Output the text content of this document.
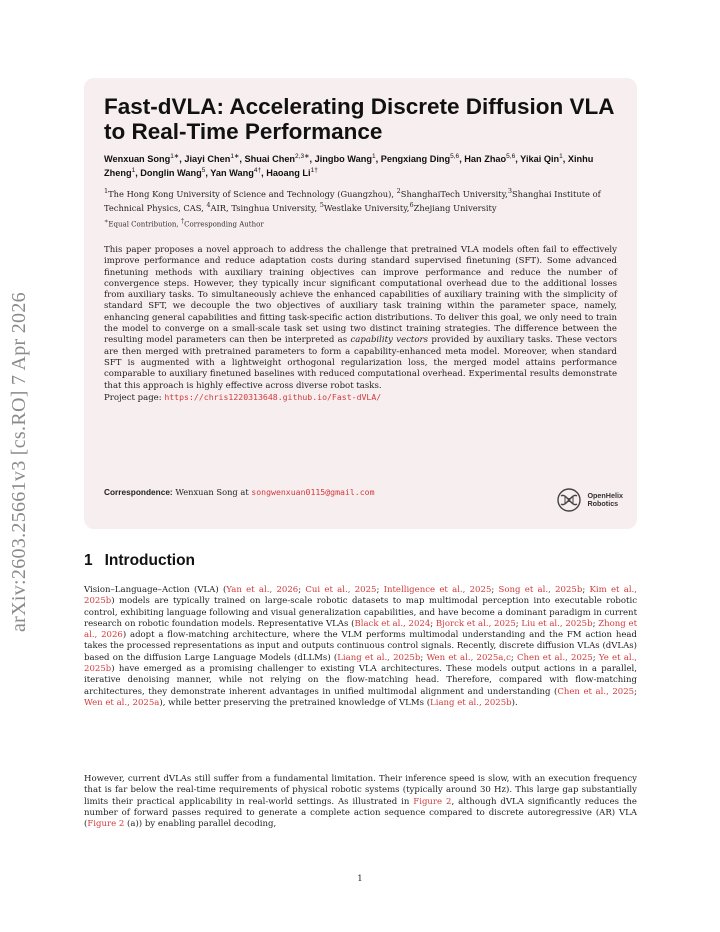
arXiv:2603.25661v3 [cs.RO] 7 Apr 2026
Fast-dVLA: Accelerating Discrete Diffusion VLA to Real-Time Performance
Wenxuan Song$^{1∗}$, Jiayi Chen$^{1∗}$, Shuai Chen$^{2,3∗}$, Jingbo Wang$^1$, Pengxiang Ding$^{5,6}$, Han Zhao$^{5,6}$, Yikai Qin$^1$, Xinhu Zheng$^1$, Donglin Wang$^5$, Yan Wang$^{4\dagger}$, Haoang $Li^{1\dagger}$
$^1$The Hong Kong University of Science and Technology (Guangzhou), $^2$ShanghaiTech University,$^3$Shanghai Institute of Technical Physics, CAS, $^4$AIR, Tsinghua University, $^5$Westlake University,$^6$Zhejiang University
∗Equal Contribution, †Corresponding Author

This paper proposes a novel approach to address the challenge that pretrained VLA models often fail to effectively improve performance and reduce adaptation costs during standard supervised finetuning (SFT). Some advanced finetuning methods with auxiliary training objectives can improve performance and reduce the number of convergence steps. However, they typically incur significant computational overhead due to the additional losses from auxiliary tasks. To simultaneously achieve the enhanced capabilities of auxiliary training with the simplicity of standard SFT, we decouple the two objectives of auxiliary task training within the parameter space, namely, enhancing general capabilities and fitting task-specific action distributions. To deliver this goal, we only need to train the model to converge on a small-scale task set using two distinct training strategies. The difference between the resulting model parameters can then be interpreted as capability vectors provided by auxiliary tasks. These vectors are then merged with pretrained parameters to form a capability-enhanced meta model. Moreover, when standard SFT is augmented with a lightweight orthogonal regularization loss, the merged model attains performance comparable to auxiliary finetuned baselines with reduced computational overhead. Experimental results demonstrate that this approach is highly effective across diverse robot tasks.
Project page: https://chris1220313648.github.io/Fast-dVLA/

Correspondence: Wenxuan Song at songwenxuan0115@gmail.com	OpenHelix
Robotics
1 Introduction

Vision–Language–Action (VLA) (Yan et al., 2026; Cui et al., 2025; Intelligence et al., 2025; Song et al., 2025b; Kim et al., 2025b) models are typically trained on large-scale robotic datasets to map multimodal perception into executable robotic control, exhibiting language following and visual generalization capabilities, and have become a dominant paradigm in current research on robotic foundation models. Representative VLAs (Black et al., 2024; Bjorck et al., 2025; Liu et al., 2025b; Zhong et al., 2026) adopt a flow-matching architecture, where the VLM performs multimodal understanding and the FM action head takes the processed representations as input and outputs continuous control signals. Recently, discrete diffusion VLAs (dVLAs) based on the diffusion Large Language Models (dLLMs) (Liang et al., 2025b; Wen et al., 2025a,c; Chen et al., 2025; Ye et al., 2025b) have emerged as a promising challenger to existing VLA architectures. These models output actions in a parallel, iterative denoising manner, while not relying on the flow-matching head. Therefore, compared with flow-matching architectures, they demonstrate inherent advantages in unified multimodal alignment and understanding (Chen et al., 2025; Wen et al., 2025a), while better preserving the pretrained knowledge of VLMs (Liang et al., 2025b).

However, current dVLAs still suffer from a fundamental limitation. Their inference speed is slow, with an execution frequency that is far below the real-time requirements of physical robotic systems (typically around 30 Hz). This large gap substantially limits their practical applicability in real-world settings. As illustrated in Figure 2, although dVLA significantly reduces the number of forward passes required to generate a complete action sequence compared to discrete autoregressive (AR) VLA (Figure 2 (a)) by enabling parallel decoding,

1
